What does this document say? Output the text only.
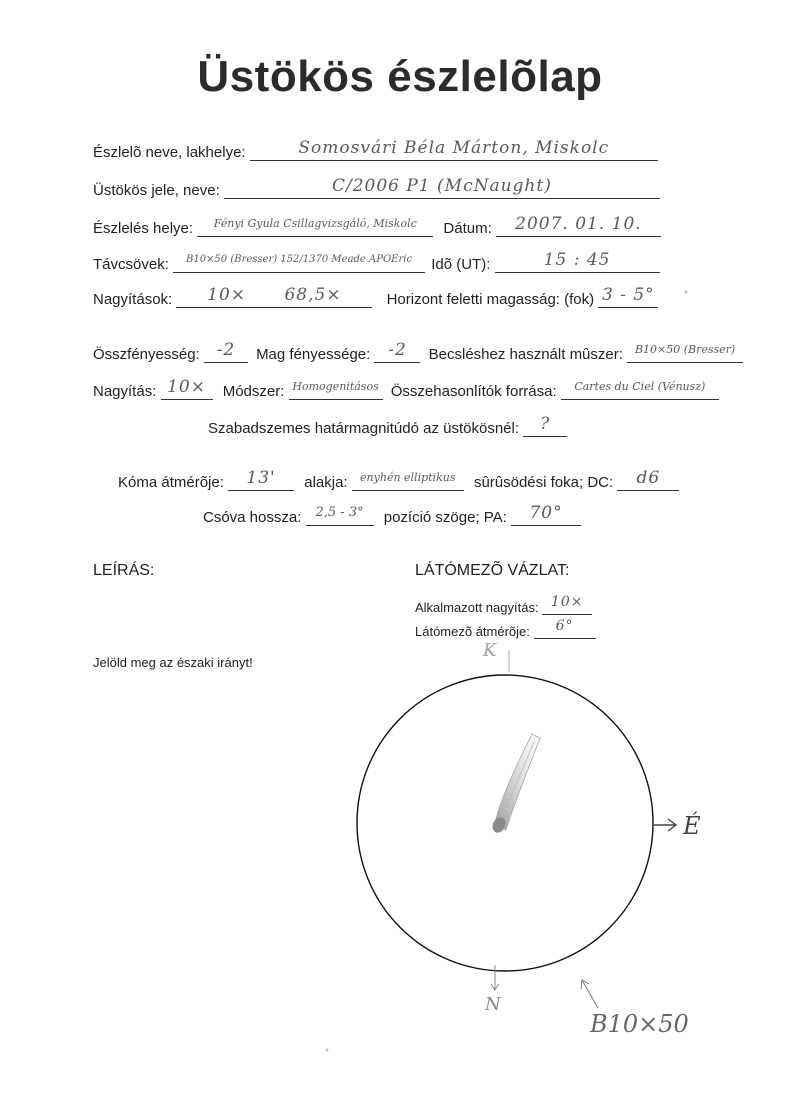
Üstökös észlelõlap
Észlelõ neve, lakhelye:	Somosvári Béla Márton, Miskolc
Üstökös jele, neve:	C/2006 P1 (McNaught)
Észlelés helye: Fényi Gyula Csillagvizsgáló, Miskolc Dátum: 2007. 01. 10.
Távcsövek: B10×50 (Bresser) 152/1370 Meade APOEric Idõ (UT):	15 : 45
Nagyítások: 10×      68,5×	Horizont feletti magasság: (fok) 3 - 5°
Összfényesség: -2 Mag fényessége: -2 Becsléshez használt mûszer: B10×50 (Bresser)
Nagyítás: 10× Módszer: Homogenitásos Összehasonlítók forrása: Cartes du Ciel (Vénusz)
Szabadszemes határmagnitúdó az üstökösnél: ?
Kóma átmérõje: 13' alakja: enyhén elliptikus sûrûsödési foka; DC: d6
Csóva hossza: 2,5 - 3° pozíció szöge; PA: 70°
LEÍRÁS:
Jelöld meg az északi irányt!
LÁTÓMEZÕ VÁZLAT:
Alkalmazott nagyítás: 10×
Látómezõ átmérõje: 6°
K
É
N
B10×50
